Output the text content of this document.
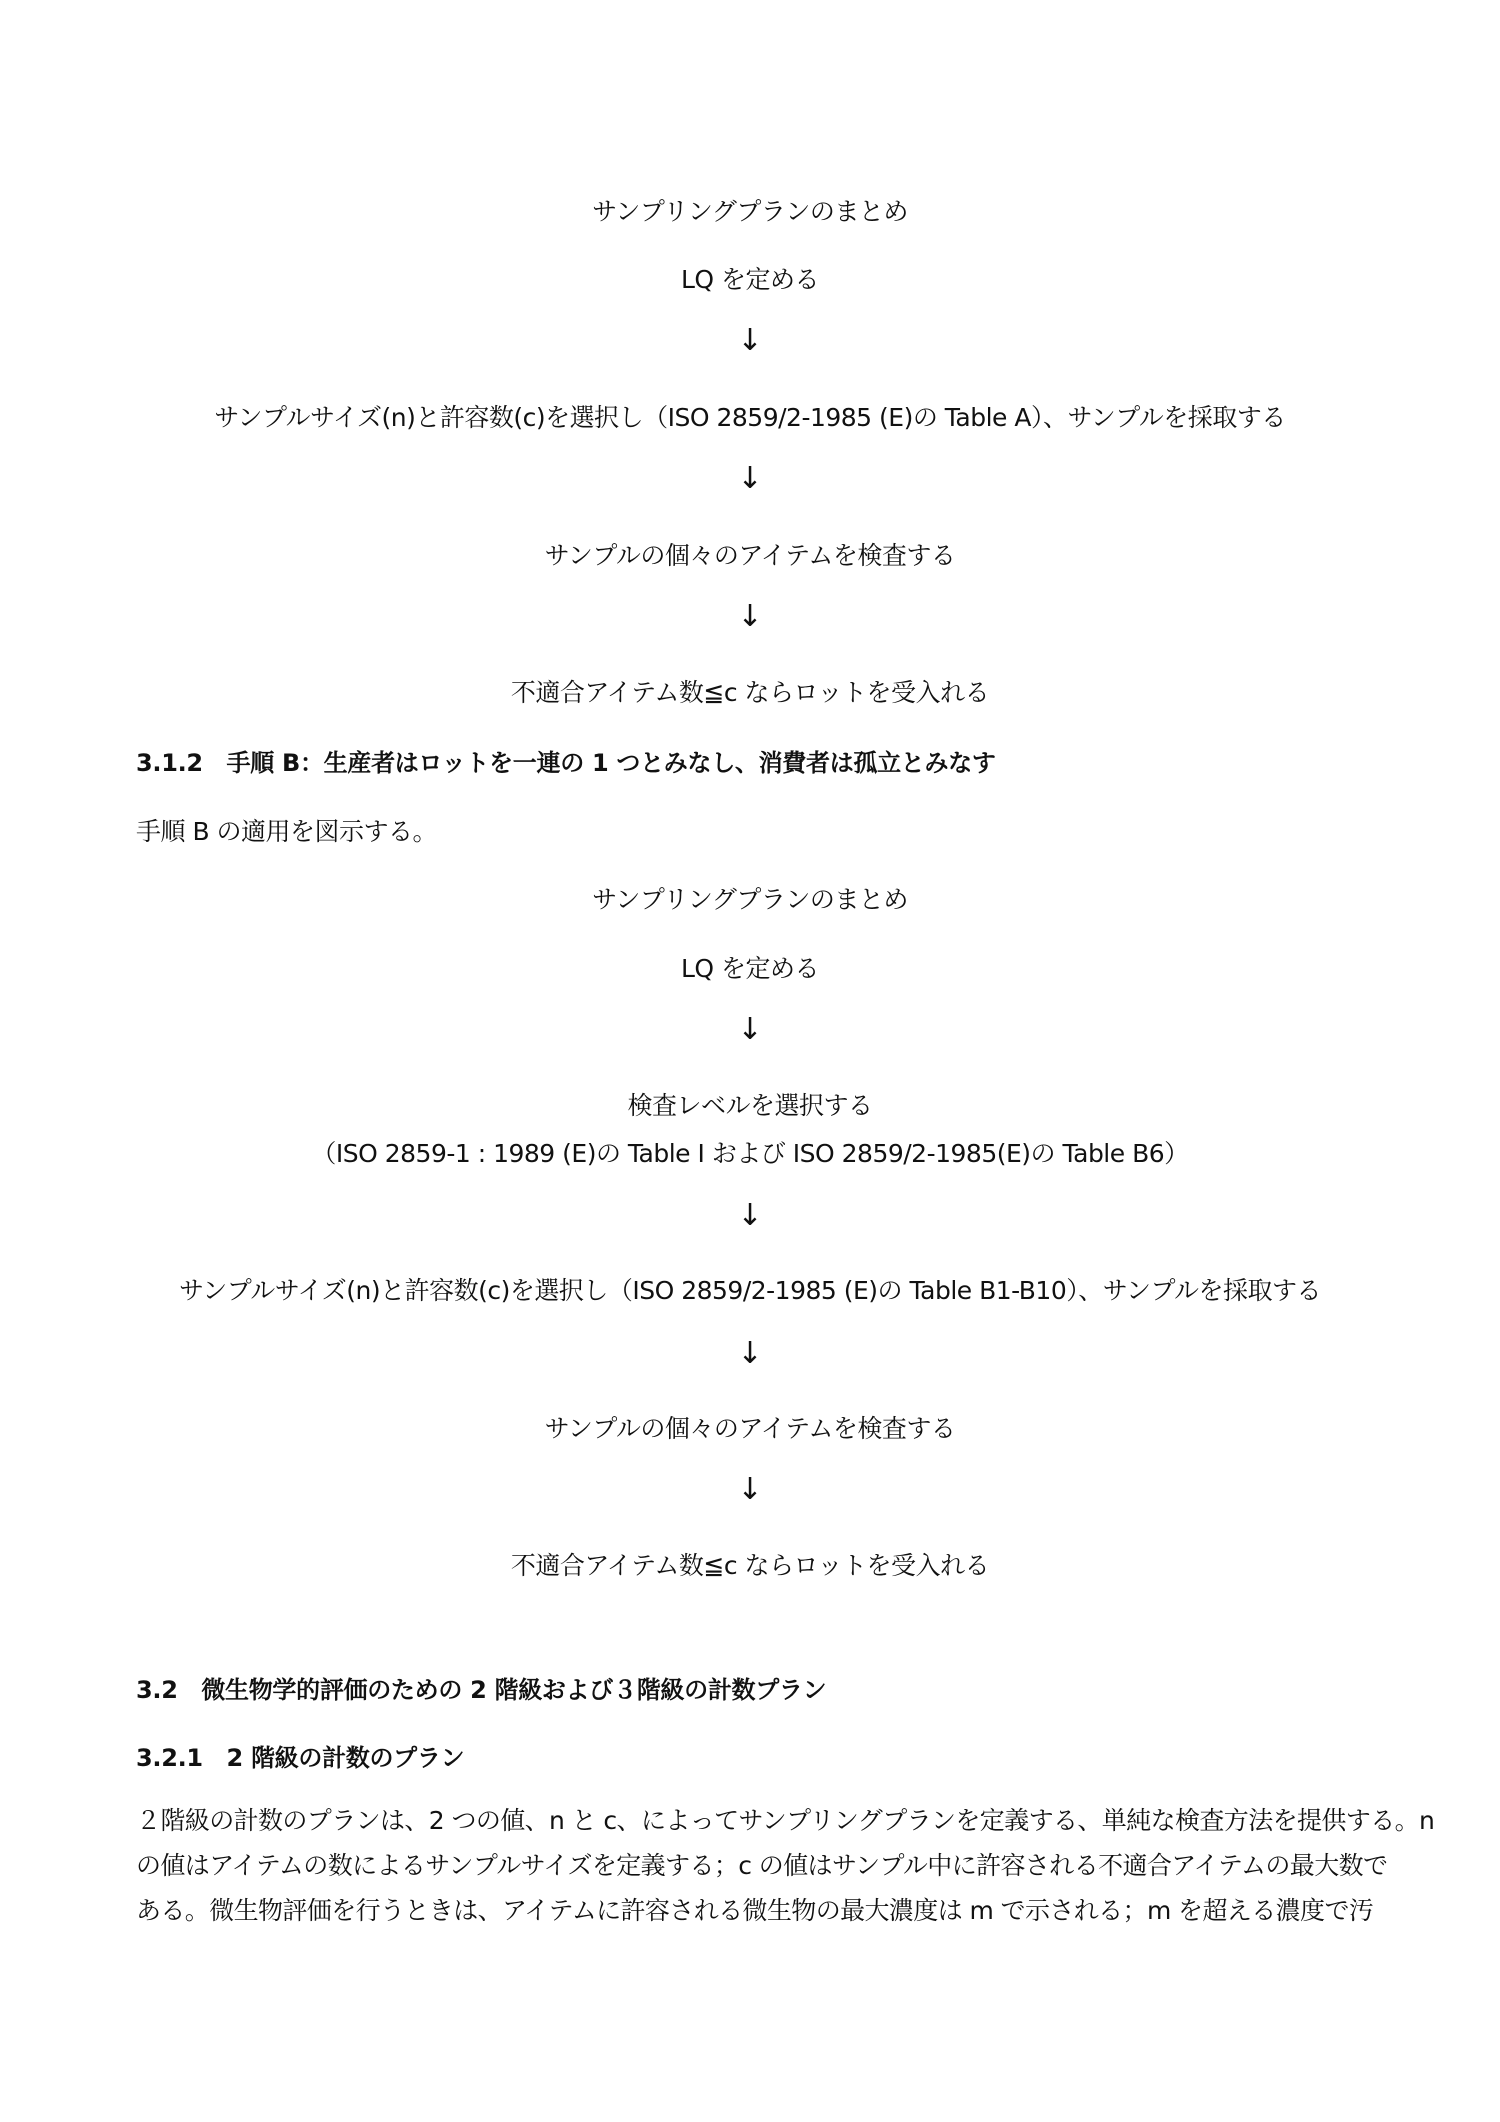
サンプリングプランのまとめ
LQ を定める
↓
サンプルサイズ(n)と許容数(c)を選択し（ISO 2859/2-1985 (E)の Table A）、サンプルを採取する
↓
サンプルの個々のアイテムを検査する
↓
不適合アイテム数≦c ならロットを受入れる
3.1.2　手順 B：生産者はロットを一連の 1 つとみなし、消費者は孤立とみなす
手順 B の適用を図示する。
サンプリングプランのまとめ
LQ を定める
↓
検査レベルを選択する
（ISO 2859-1 : 1989 (E)の Table I および ISO 2859/2-1985(E)の Table B6）
↓
サンプルサイズ(n)と許容数(c)を選択し（ISO 2859/2-1985 (E)の Table B1-B10）、サンプルを採取する
↓
サンプルの個々のアイテムを検査する
↓
不適合アイテム数≦c ならロットを受入れる
3.2　微生物学的評価のための 2 階級および３階級の計数プラン
3.2.1　2 階級の計数のプラン
２階級の計数のプランは、2 つの値、n と c、によってサンプリングプランを定義する、単純な検査方法を提供する。n
の値はアイテムの数によるサンプルサイズを定義する；c の値はサンプル中に許容される不適合アイテムの最大数で
ある。微生物評価を行うときは、アイテムに許容される微生物の最大濃度は m で示される；m を超える濃度で汚
